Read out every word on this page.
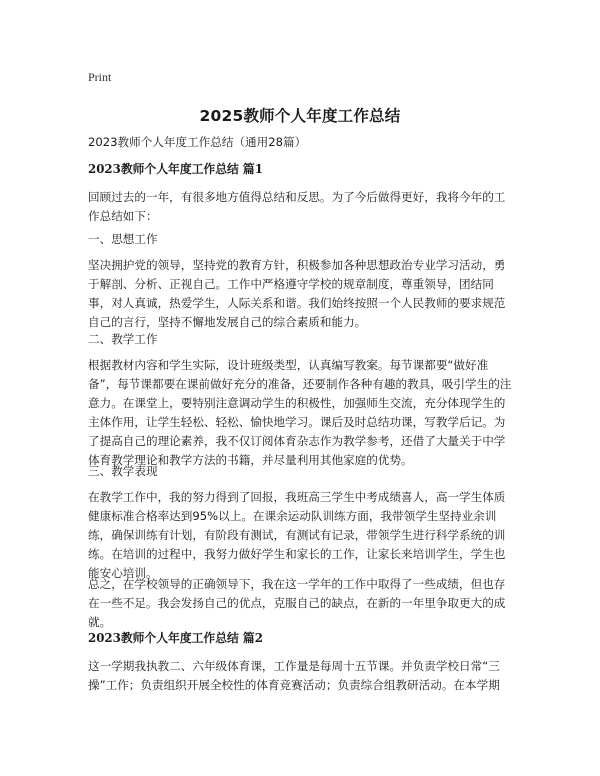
Print
2025教师个人年度工作总结
2023教师个人年度工作总结（通用28篇）
2023教师个人年度工作总结 篇1

回顾过去的一年，有很多地方值得总结和反思。为了今后做得更好，我将今年的工作总结如下：

一、思想工作

坚决拥护党的领导，坚持党的教育方针，积极参加各种思想政治专业学习活动，勇于解剖、分析、正视自己。工作中严格遵守学校的规章制度，尊重领导，团结同事，对人真诚，热爱学生，人际关系和谐。我们始终按照一个人民教师的要求规范自己的言行，坚持不懈地发展自己的综合素质和能力。

二、教学工作

根据教材内容和学生实际，设计班级类型，认真编写教案。每节课都要“做好准备”，每节课都要在课前做好充分的准备，还要制作各种有趣的教具，吸引学生的注意力。在课堂上，要特别注意调动学生的积极性，加强师生交流，充分体现学生的主体作用，让学生轻松、轻松、愉快地学习。课后及时总结功课，写教学后记。为了提高自己的理论素养，我不仅订阅体育杂志作为教学参考，还借了大量关于中学体育教学理论和教学方法的书籍，并尽量利用其他家庭的优势。

三、教学表现

在教学工作中，我的努力得到了回报，我班高三学生中考成绩喜人，高一学生体质健康标准合格率达到95%以上。在课余运动队训练方面，我带领学生坚持业余训练，确保训练有计划，有阶段有测试，有测试有记录，带领学生进行科学系统的训练。在培训的过程中，我努力做好学生和家长的工作，让家长来培训学生，学生也能安心培训。

总之，在学校领导的正确领导下，我在这一学年的工作中取得了一些成绩，但也存在一些不足。我会发扬自己的优点，克服自己的缺点，在新的一年里争取更大的成就。

2023教师个人年度工作总结 篇2

这一学期我执教二、六年级体育课，工作量是每周十五节课。并负责学校日常“三操”工作；负责组织开展全校性的体育竞赛活动；负责综合组教研活动。在本学期
